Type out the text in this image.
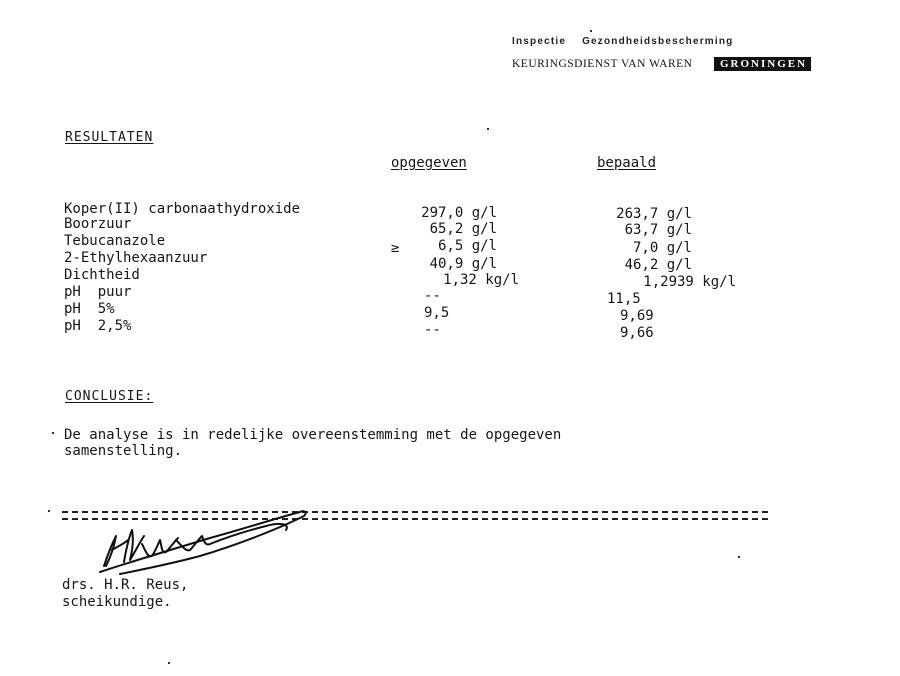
Inspectie    Gezondheidsbescherming
KEURINGSDIENST VAN WAREN	GRONINGEN
RESULTATEN
opgegeven	bepaald
Koper(II) carbonaathydroxide	297,0 g/l	263,7 g/l
Boorzuur	65,2 g/l	63,7 g/l
Tebucanazole	≥	6,5 g/l	7,0 g/l
2-Ethylhexaanzuur	40,9 g/l	46,2 g/l
Dichtheid	1,32 kg/l	1,2939 kg/l
pH  puur	--	11,5
pH  5%	9,5	9,69
pH  2,5%	--	9,66
CONCLUSIE:
De analyse is in redelijke overeenstemming met de opgegeven
samenstelling.
drs. H.R. Reus,
scheikundige.
